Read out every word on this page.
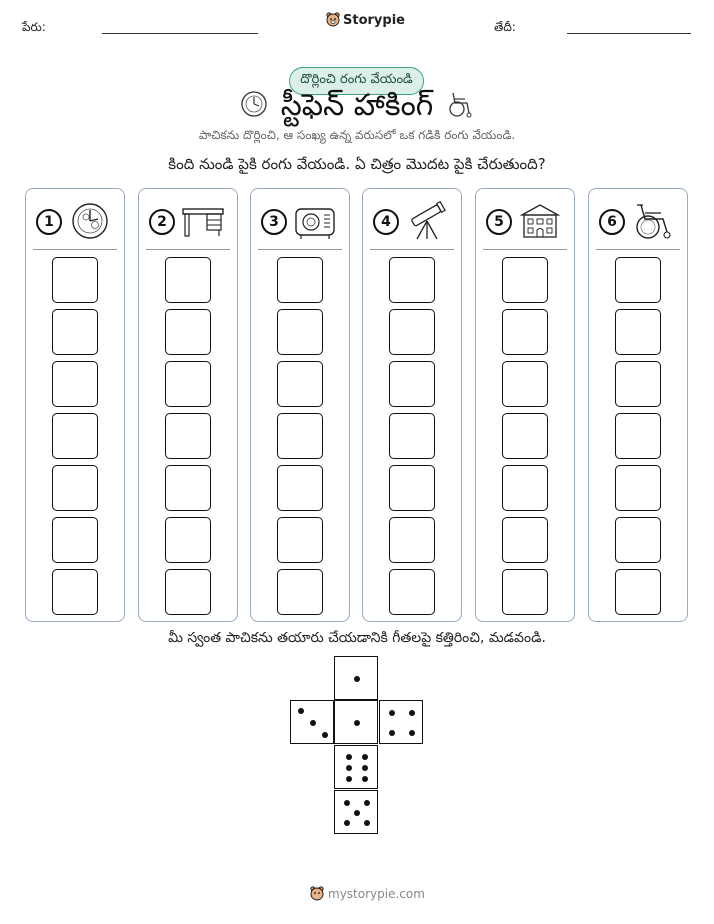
పేరు:	Storypie	తేదీ:
దొర్లించి రంగు వేయండి
స్టీఫెన్ హాకింగ్
పాచికను దొర్లించి, ఆ సంఖ్య ఉన్న వరుసలో ఒక గడికి రంగు వేయండి.
కింది నుండి పైకి రంగు వేయండి. ఏ చిత్రం మొదట పైకి చేరుతుంది?
1	2	3	4	5	6
మీ స్వంత పాచికను తయారు చేయడానికి గీతలపై కత్తిరించి, మడవండి.
mystorypie.com
